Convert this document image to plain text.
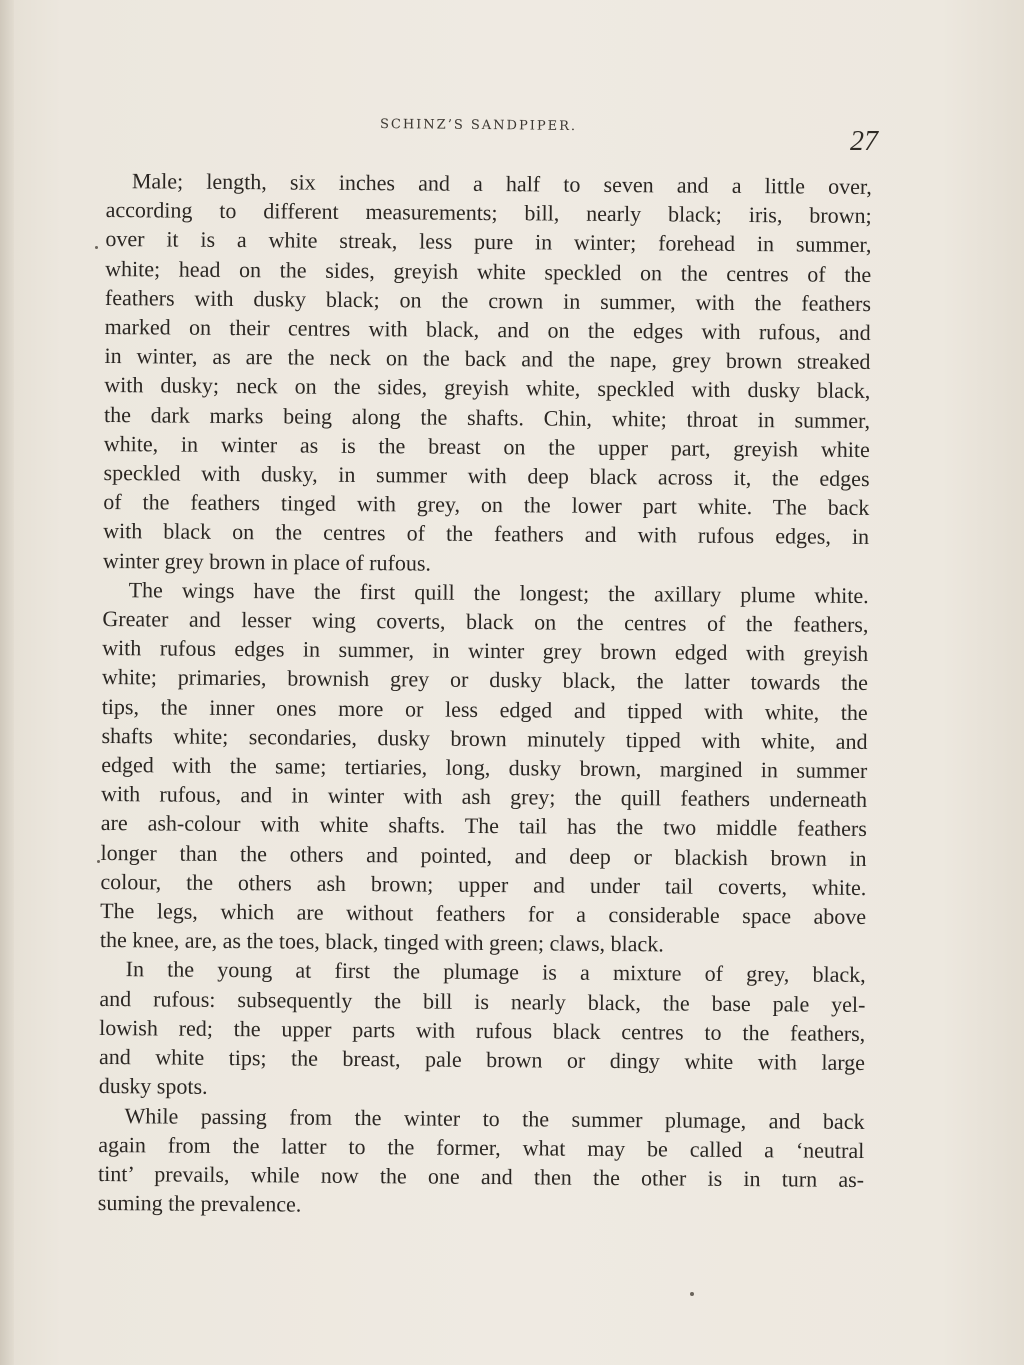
SCHINZ’S SANDPIPER.
27
Male; length, six inches and a half to seven and a little over,
according to different measurements; bill, nearly black; iris, brown;
over it is a white streak, less pure in winter; forehead in summer,
white; head on the sides, greyish white speckled on the centres of the
feathers with dusky black; on the crown in summer, with the feathers
marked on their centres with black, and on the edges with rufous, and
in winter, as are the neck on the back and the nape, grey brown streaked
with dusky; neck on the sides, greyish white, speckled with dusky black,
the dark marks being along the shafts. Chin, white; throat in summer,
white, in winter as is the breast on the upper part, greyish white
speckled with dusky, in summer with deep black across it, the edges
of the feathers tinged with grey, on the lower part white. The back
with black on the centres of the feathers and with rufous edges, in
winter grey brown in place of rufous.
The wings have the first quill the longest; the axillary plume white.
Greater and lesser wing coverts, black on the centres of the feathers,
with rufous edges in summer, in winter grey brown edged with greyish
white; primaries, brownish grey or dusky black, the latter towards the
tips, the inner ones more or less edged and tipped with white, the
shafts white; secondaries, dusky brown minutely tipped with white, and
edged with the same; tertiaries, long, dusky brown, margined in summer
with rufous, and in winter with ash grey; the quill feathers underneath
are ash-colour with white shafts. The tail has the two middle feathers
longer than the others and pointed, and deep or blackish brown in
colour, the others ash brown; upper and under tail coverts, white.
The legs, which are without feathers for a considerable space above
the knee, are, as the toes, black, tinged with green; claws, black.
In the young at first the plumage is a mixture of grey, black,
and rufous: subsequently the bill is nearly black, the base pale yel-
lowish red; the upper parts with rufous black centres to the feathers,
and white tips; the breast, pale brown or dingy white with large
dusky spots.
While passing from the winter to the summer plumage, and back
again from the latter to the former, what may be called a ‘neutral
tint’ prevails, while now the one and then the other is in turn as-
suming the prevalence.
